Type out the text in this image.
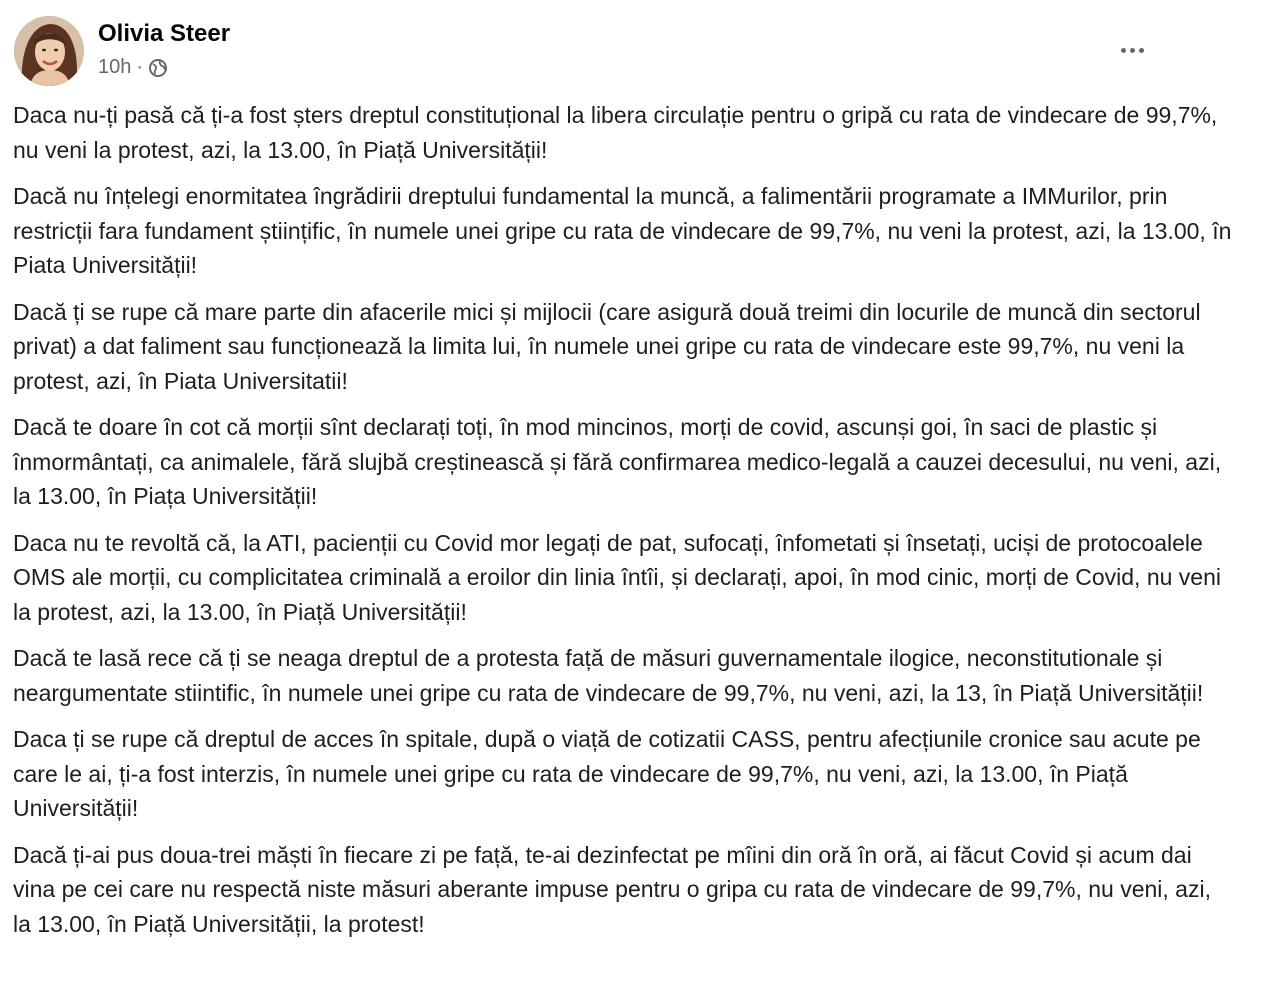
Olivia Steer
10h ·

Daca nu-ți pasă că ți-a fost șters dreptul constituțional la libera circulație pentru o gripă cu rata de vindecare de 99,7%, nu veni la protest, azi, la 13.00, în Piață Universității!

Dacă nu înțelegi enormitatea îngrădirii dreptului fundamental la muncă, a falimentării programate a IMMurilor, prin restricții fara fundament științific, în numele unei gripe cu rata de vindecare de 99,7%, nu veni la protest, azi, la 13.00, în Piata Universității!

Dacă ți se rupe că mare parte din afacerile mici și mijlocii (care asigură două treimi din locurile de muncă din sectorul privat) a dat faliment sau funcționează la limita lui, în numele unei gripe cu rata de vindecare este 99,7%, nu veni la protest, azi, în Piata Universitatii!

Dacă te doare în cot că morții sînt declarați toți, în mod mincinos, morți de covid, ascunși goi, în saci de plastic și înmormântați, ca animalele, fără slujbă creștinească și fără confirmarea medico-legală a cauzei decesului, nu veni, azi, la 13.00, în Piața Universității!

Daca nu te revoltă că, la ATI, pacienții cu Covid mor legați de pat, sufocați, înfometati și însetați, uciși de protocoalele OMS ale morții, cu complicitatea criminală a eroilor din linia întîi, și declarați, apoi, în mod cinic, morți de Covid, nu veni la protest, azi, la 13.00, în Piață Universității!

Dacă te lasă rece că ți se neaga dreptul de a protesta față de măsuri guvernamentale ilogice, neconstitutionale și neargumentate stiintific, în numele unei gripe cu rata de vindecare de 99,7%, nu veni, azi, la 13, în Piață Universității!

Daca ți se rupe că dreptul de acces în spitale, după o viață de cotizatii CASS, pentru afecțiunile cronice sau acute pe care le ai, ți-a fost interzis, în numele unei gripe cu rata de vindecare de 99,7%, nu veni, azi, la 13.00, în Piață Universității!

Dacă ți-ai pus doua-trei măști în fiecare zi pe față, te-ai dezinfectat pe mîini din oră în oră, ai făcut Covid și acum dai vina pe cei care nu respectă niste măsuri aberante impuse pentru o gripa cu rata de vindecare de 99,7%, nu veni, azi, la 13.00, în Piață Universității, la protest!
